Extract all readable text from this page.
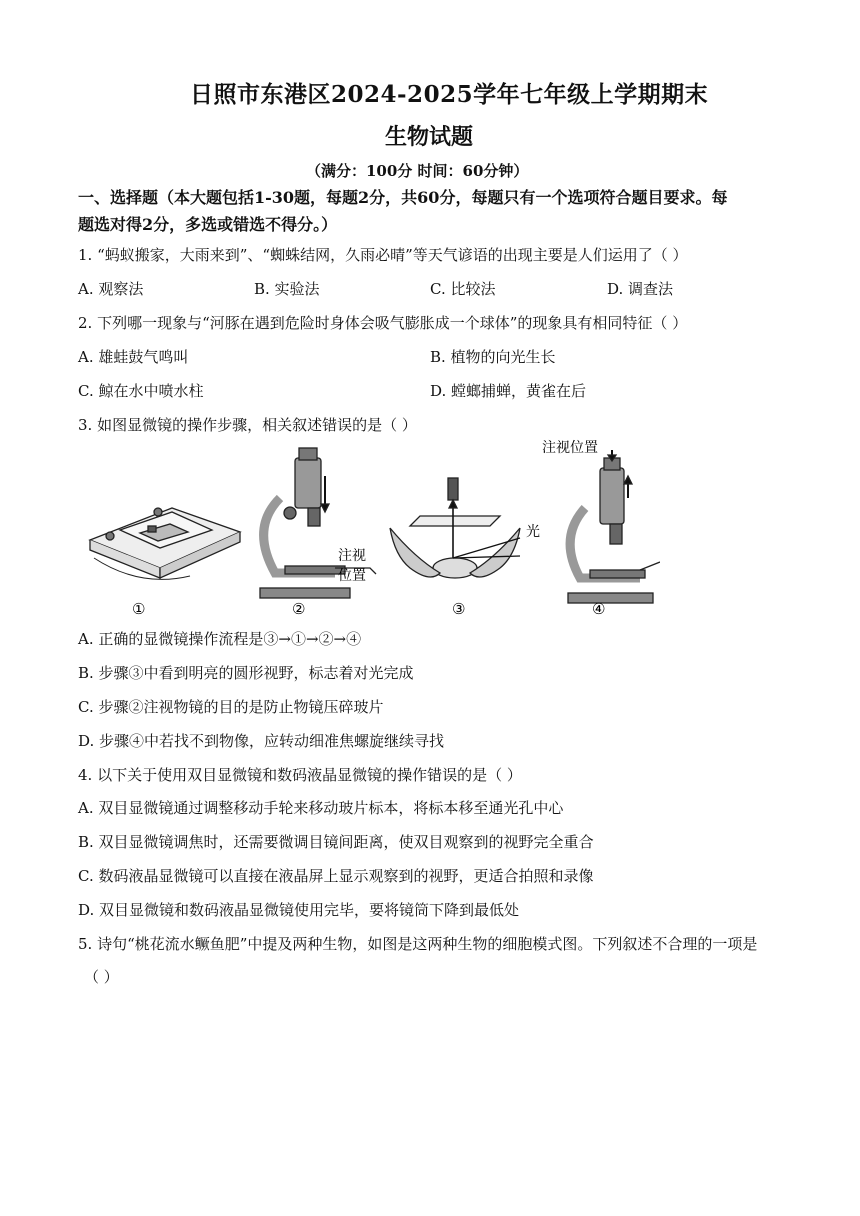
日照市东港区2024-2025学年七年级上学期期末
生物试题
（满分：100分 时间：60分钟）
一、选择题（本大题包括1-30题，每题2分，共60分，每题只有一个选项符合题目要求。每
题选对得2分，多选或错选不得分。）
1. “蚂蚁搬家，大雨来到”、“蜘蛛结网，久雨必晴”等天气谚语的出现主要是人们运用了（ ）
A. 观察法	B. 实验法	C. 比较法	D. 调查法
2. 下列哪一现象与“河豚在遇到危险时身体会吸气膨胀成一个球体”的现象具有相同特征（ ）
A. 雄蛙鼓气鸣叫	B. 植物的向光生长
C. 鲸在水中喷水柱	D. 螳螂捕蝉，黄雀在后
3. 如图显微镜的操作步骤，相关叙述错误的是（ ）
①	②	③	④
注视位置
注视
位置
光
A. 正确的显微镜操作流程是③→①→②→④
B. 步骤③中看到明亮的圆形视野，标志着对光完成
C. 步骤②注视物镜的目的是防止物镜压碎玻片
D. 步骤④中若找不到物像，应转动细准焦螺旋继续寻找
4. 以下关于使用双目显微镜和数码液晶显微镜的操作错误的是（ ）
A. 双目显微镜通过调整移动手轮来移动玻片标本，将标本移至通光孔中心
B. 双目显微镜调焦时，还需要微调目镜间距离，使双目观察到的视野完全重合
C. 数码液晶显微镜可以直接在液晶屏上显示观察到的视野，更适合拍照和录像
D. 双目显微镜和数码液晶显微镜使用完毕，要将镜筒下降到最低处
5. 诗句“桃花流水鳜鱼肥”中提及两种生物，如图是这两种生物的细胞模式图。下列叙述不合理的一项是
（ ）
